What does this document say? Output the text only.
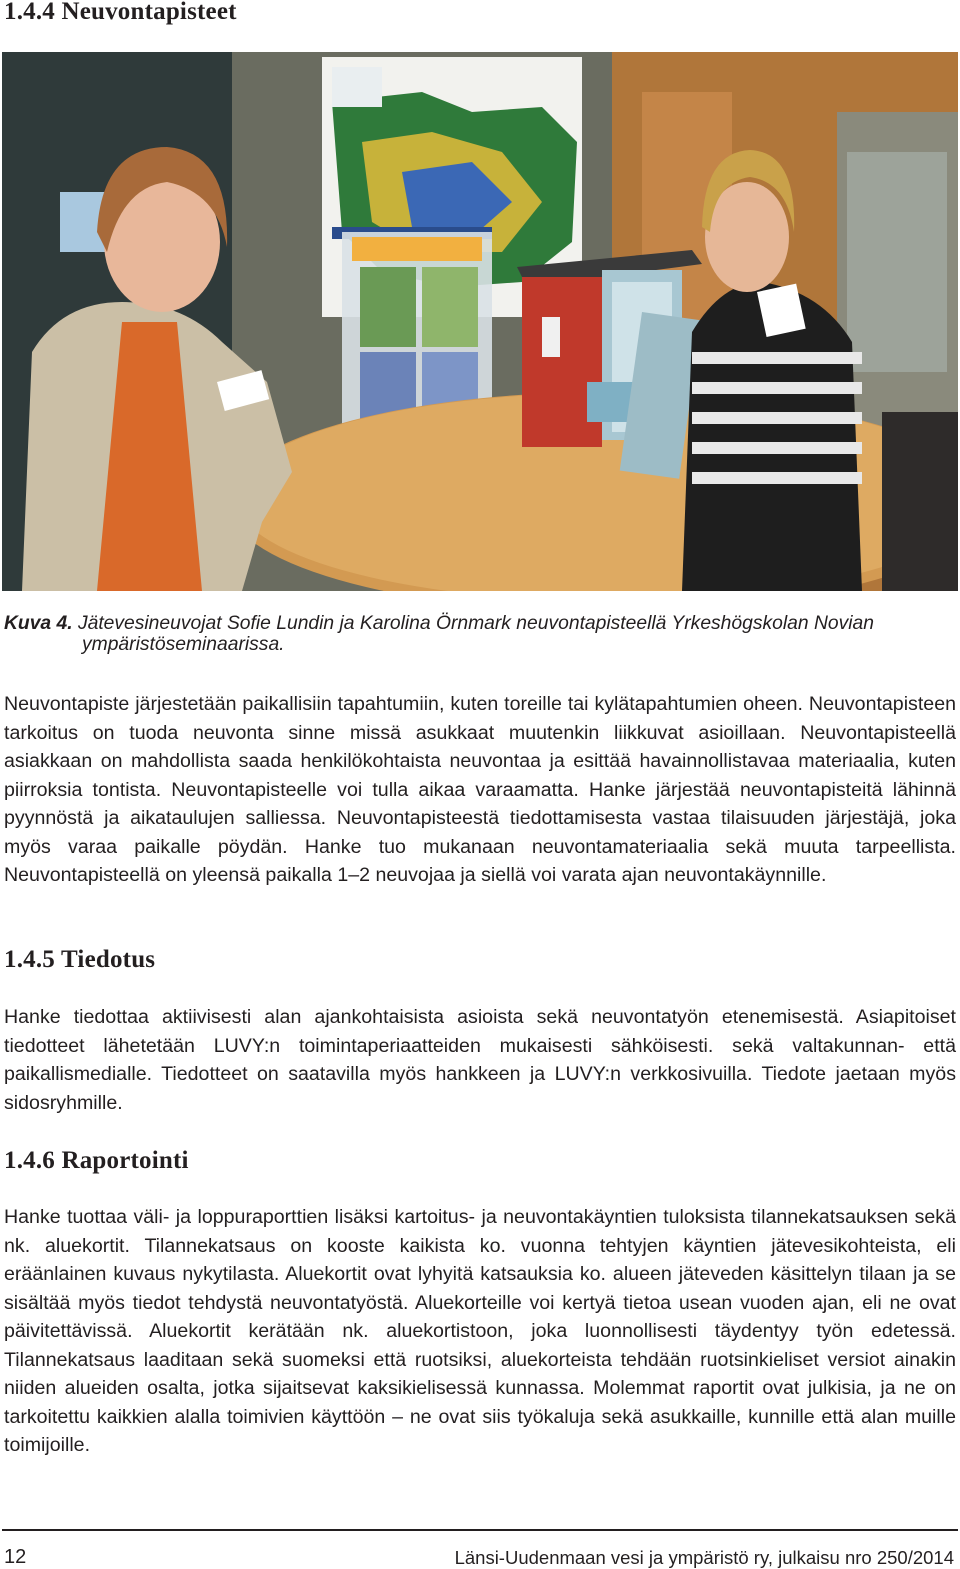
1.4.4 Neuvontapisteet

Kuva 4. Jätevesineuvojat Sofie Lundin ja Karolina Örnmark neuvontapisteellä Yrkeshögskolan Novian
ympäristöseminaarissa.

Neuvontapiste järjestetään paikallisiin tapahtumiin, kuten toreille tai kylätapahtumien oheen. Neuvontapisteen tarkoitus on tuoda neuvonta sinne missä asukkaat muutenkin liikkuvat asioillaan. Neuvontapisteellä asiakkaan on mahdollista saada henkilökohtaista neuvontaa ja esittää havainnollistavaa materiaalia, kuten piirroksia tontista. Neuvontapisteelle voi tulla aikaa varaamatta. Hanke järjestää neuvontapisteitä lähinnä pyynnöstä ja aikataulujen salliessa. Neuvontapisteestä tiedottamisesta vastaa tilaisuuden järjestäjä, joka myös varaa paikalle pöydän. Hanke tuo mukanaan neuvontamateriaalia sekä muuta tarpeellista. Neuvontapisteellä on yleensä paikalla 1–2 neuvojaa ja siellä voi varata ajan neuvontakäynnille.

1.4.5 Tiedotus

Hanke tiedottaa aktiivisesti alan ajankohtaisista asioista sekä neuvontatyön etenemisestä. Asiapitoiset tiedotteet lähetetään LUVY:n toimintaperiaatteiden mukaisesti sähköisesti. sekä valtakunnan- että paikallismedialle. Tiedotteet on saatavilla myös hankkeen ja LUVY:n verkkosivuilla. Tiedote jaetaan myös sidosryhmille.

1.4.6 Raportointi

Hanke tuottaa väli- ja loppuraporttien lisäksi kartoitus- ja neuvontakäyntien tuloksista tilannekatsauksen sekä nk. aluekortit. Tilannekatsaus on kooste kaikista ko. vuonna tehtyjen käyntien jätevesikohteista, eli eräänlainen kuvaus nykytilasta. Aluekortit ovat lyhyitä katsauksia ko. alueen jäteveden käsittelyn tilaan ja se sisältää myös tiedot tehdystä neuvontatyöstä. Aluekorteille voi kertyä tietoa usean vuoden ajan, eli ne ovat päivitettävissä. Aluekortit kerätään nk. aluekortistoon, joka luonnollisesti täydentyy työn edetessä. Tilannekatsaus laaditaan sekä suomeksi että ruotsiksi, aluekorteista tehdään ruotsinkieliset versiot ainakin niiden alueiden osalta, jotka sijaitsevat kaksikielisessä kunnassa. Molemmat raportit ovat julkisia, ja ne on tarkoitettu kaikkien alalla toimivien käyttöön – ne ovat siis työkaluja sekä asukkaille, kunnille että alan muille toimijoille.

12	Länsi-Uudenmaan vesi ja ympäristö ry, julkaisu nro 250/2014
